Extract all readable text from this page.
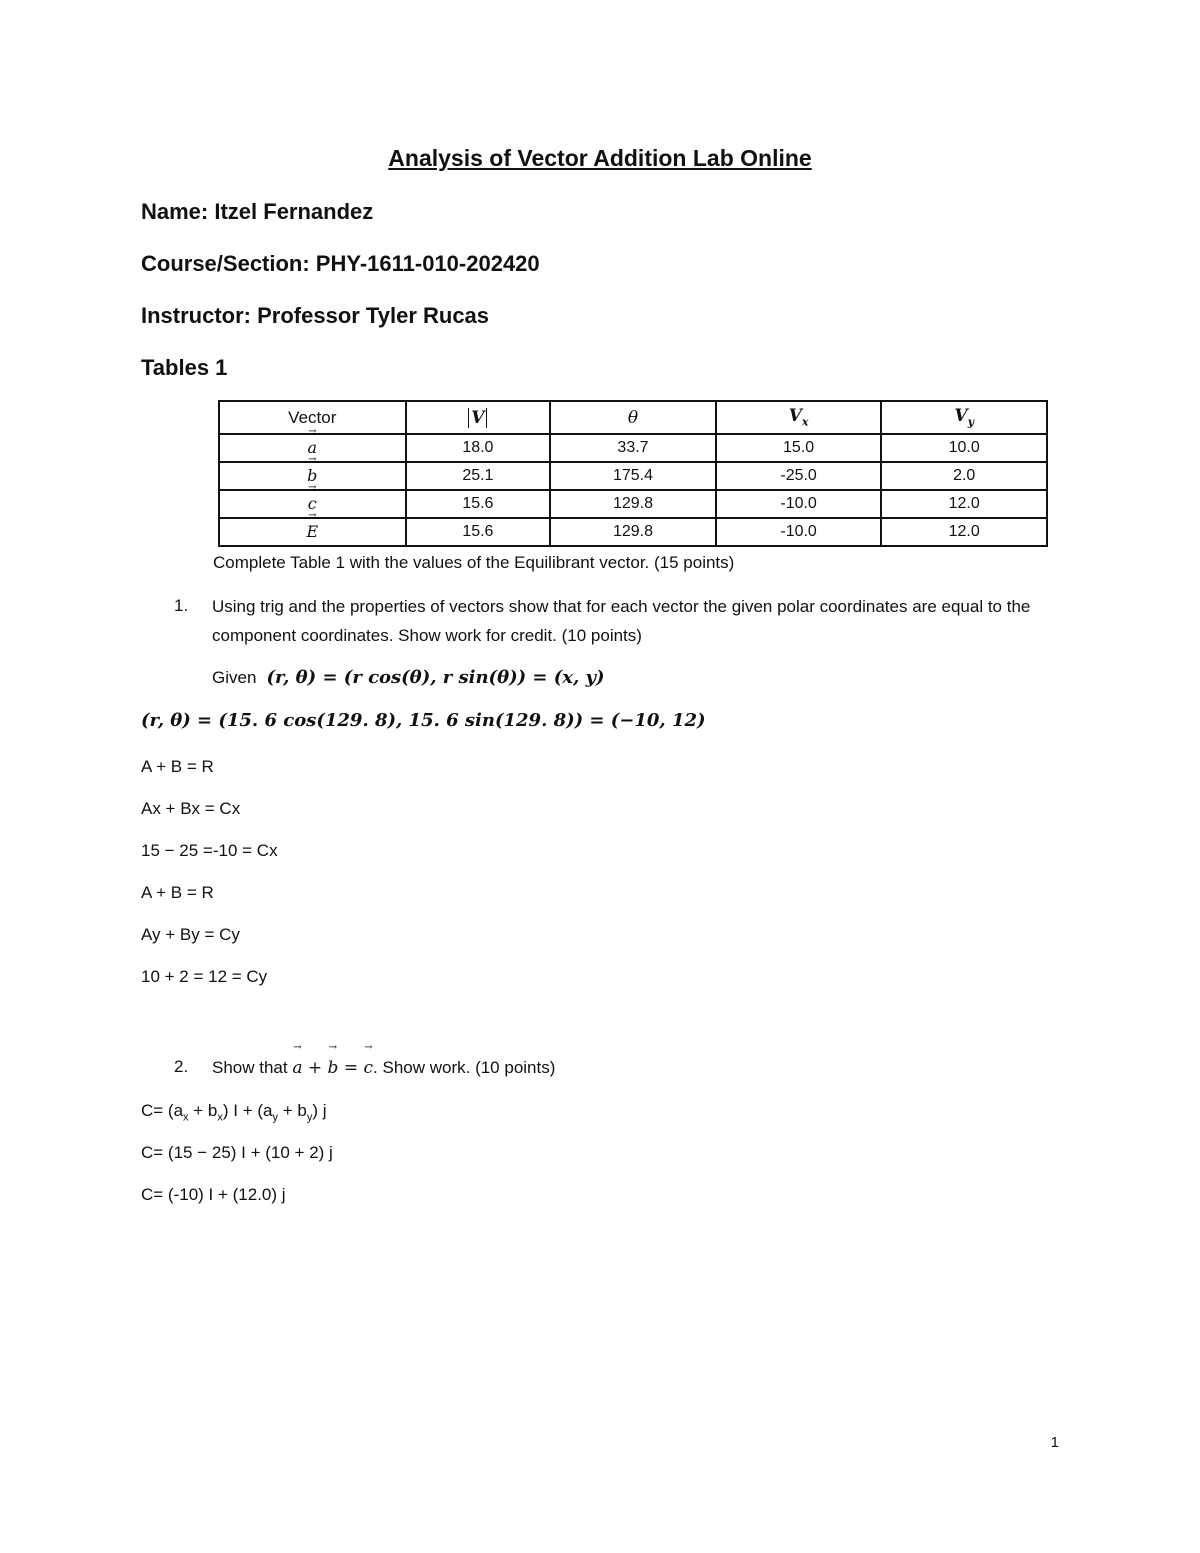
Analysis of Vector Addition Lab Online
Name: Itzel Fernandez
Course/Section: PHY-1611-010-202420
Instructor: Professor Tyler Rucas
Tables 1
Vector	V	θ	$V_x$	$V_y$

→
a	18.0	33.7	15.0	10.0

→
b	25.1	175.4	-25.0	2.0

→
c	15.6	129.8	-10.0	12.0

→
E	15.6	129.8	-10.0	12.0
Complete Table 1 with the values of the Equilibrant vector. (15 points)
1. Using trig and the properties of vectors show that for each vector the given polar coordinates are equal to the component coordinates. Show work for credit. (10 points)
Given (r, θ) = (r cos(θ), r sin(θ)) = (x, y)
(r, θ) = (15. 6 cos(129. 8), 15. 6 sin(129. 8)) = (−10, 12)
A + B = R
Ax + Bx = Cx
15 − 25 =-10 = Cx
A + B = R
Ay + By = Cy
10 + 2 = 12 = Cy
2. Show that
→
a +
→
b =
→
c. Show work. (10 points)
$C= (a_x + b_x) I + (a_y + b_y)$ j
C= (15 − 25) I + (10 + 2) j
C= (-10) I + (12.0) j
1
